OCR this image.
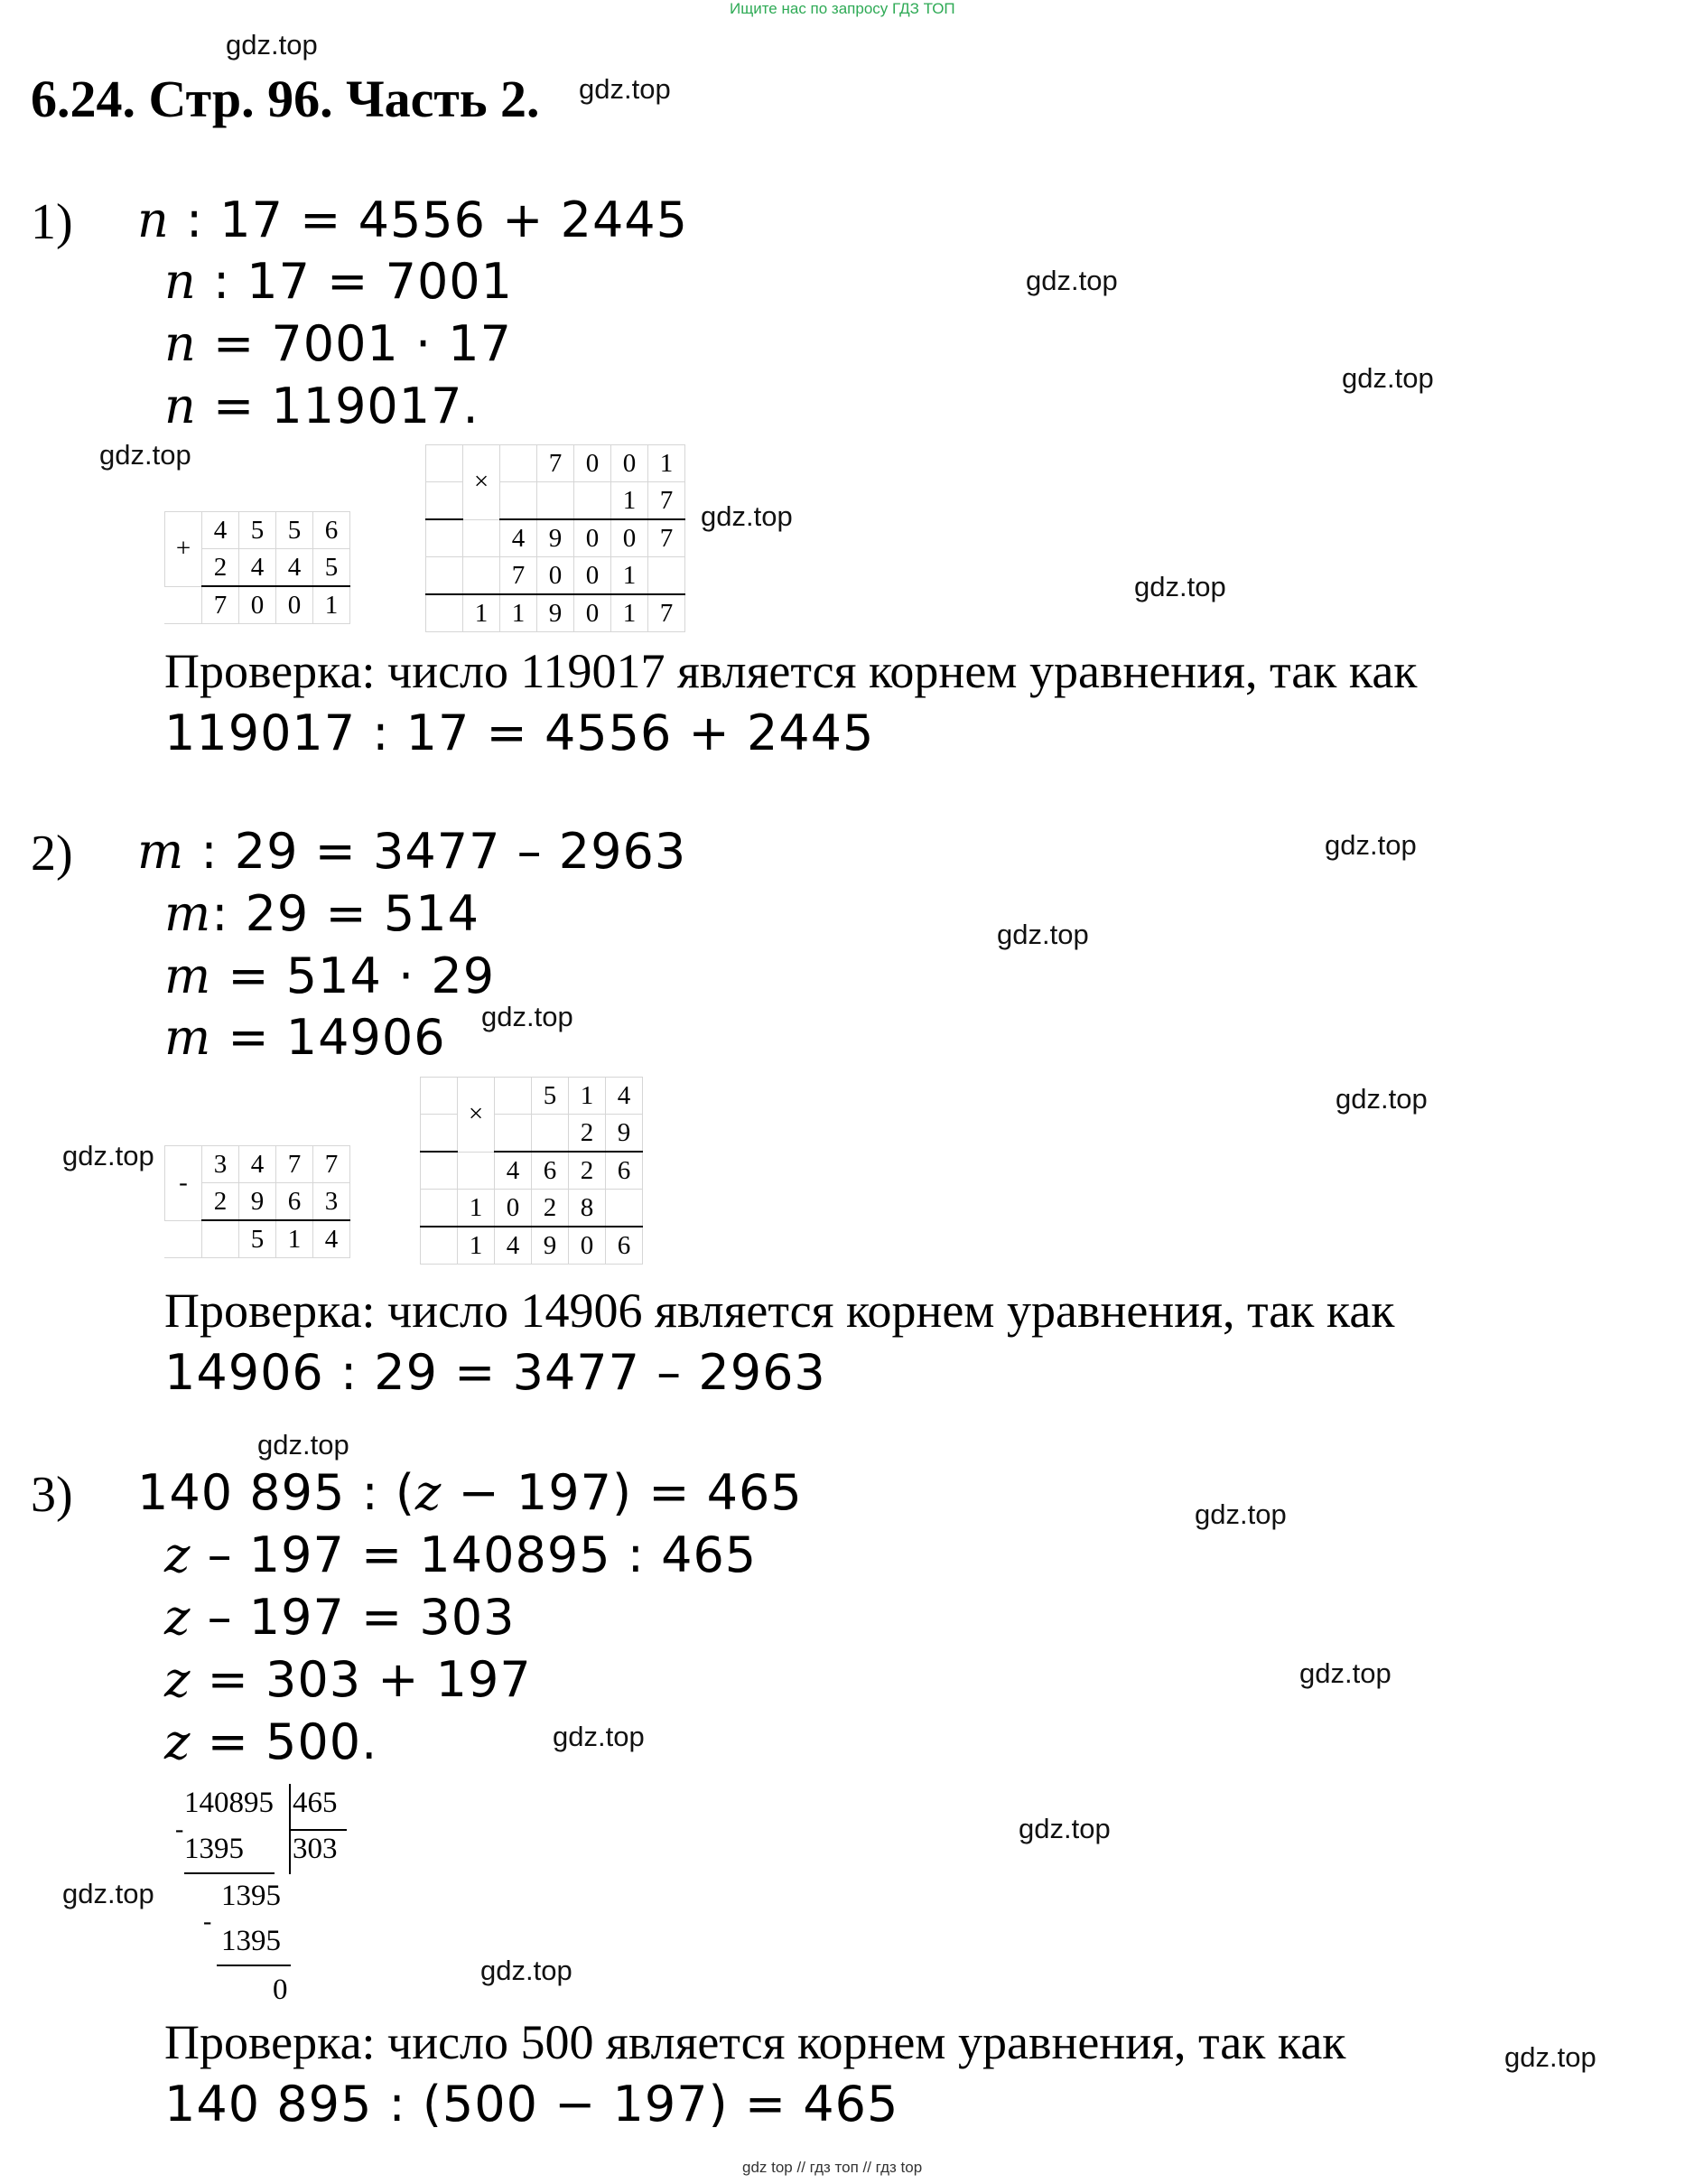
Ищите нас по запросу ГДЗ ТОП
gdz top // гдз топ // гдз top
gdz.top
gdz.top
gdz.top
gdz.top
gdz.top
gdz.top
gdz.top
gdz.top
gdz.top
gdz.top
gdz.top
gdz.top
gdz.top
gdz.top
gdz.top
gdz.top
gdz.top
gdz.top
gdz.top
gdz.top
6.24. Стр. 96. Часть 2.
1) n : 17 = 4556 + 2445
n : 17 = 7001
n = 7001 · 17
n = 119017.
+	4	5	5	6
	2	4	4	5
	7	0	0	1
	×		7	0	0	1
					1	7
		4	9	0	0	7
		7	0	0	1	
	1	1	9	0	1	7
Проверка: число 119017 является корнем уравнения, так как
119017 : 17 = 4556 + 2445
2) m : 29 = 3477 – 2963
m: 29 = 514
m = 514 · 29
m = 14906
-	3	4	7	7
	2	9	6	3
		5	1	4
	×		5	1	4
				2	9
		4	6	2	6
	1	0	2	8	
	1	4	9	0	6
Проверка: число 14906 является корнем уравнения, так как
14906 : 29 = 3477 – 2963
3) 140 895 : (z − 197) = 465
z – 197 = 140895 : 465
z – 197 = 303
z = 303 + 197
z = 500.
140895 465
-
1395 303
1395
-
1395
0
Проверка: число 500 является корнем уравнения, так как
140 895 : (500 − 197) = 465
